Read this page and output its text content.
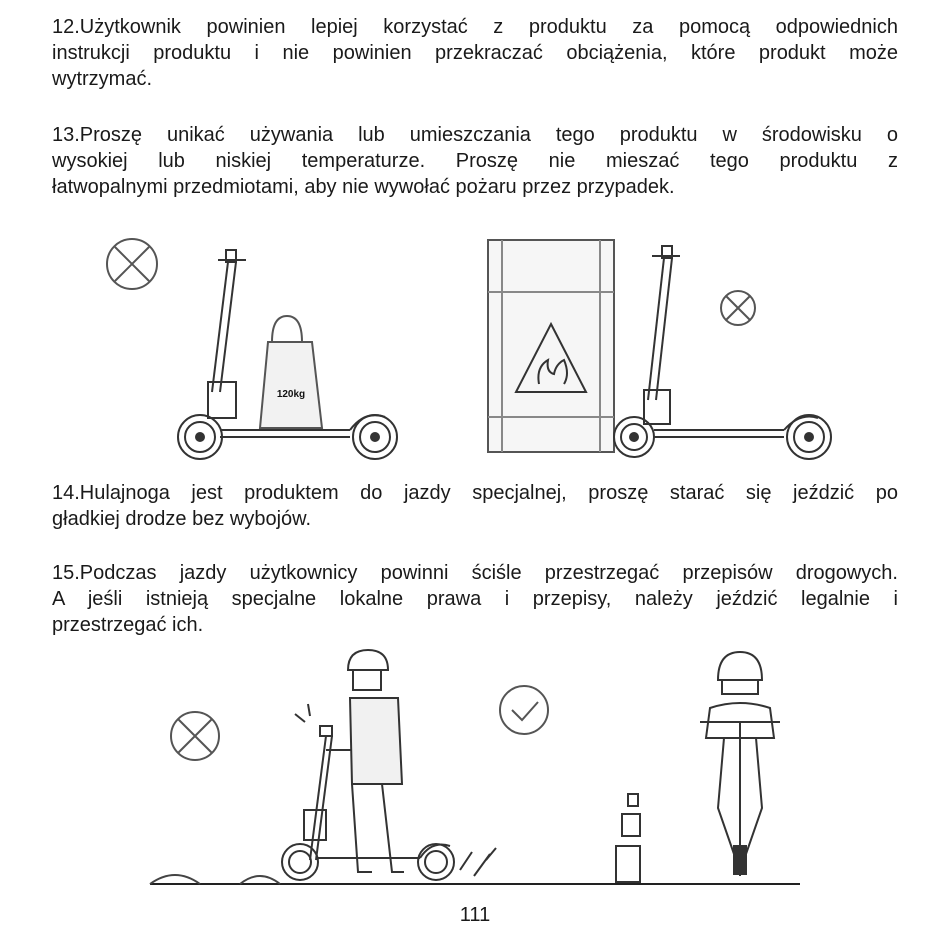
12.Użytkownik powinien lepiej korzystać z produktu za pomocą odpowiednich
instrukcji produktu i nie powinien przekraczać obciążenia, które produkt może
wytrzymać.
13.Proszę unikać używania lub umieszczania tego produktu w środowisku o
wysokiej lub niskiej temperaturze. Proszę nie mieszać tego produktu z
łatwopalnymi przedmiotami, aby nie wywołać pożaru przez przypadek.
120kg
14.Hulajnoga jest produktem do jazdy specjalnej, proszę starać się jeździć po
gładkiej drodze bez wybojów.
15.Podczas jazdy użytkownicy powinni ściśle przestrzegać przepisów drogowych.
A jeśli istnieją specjalne lokalne prawa i przepisy, należy jeździć legalnie i
przestrzegać ich.
111
